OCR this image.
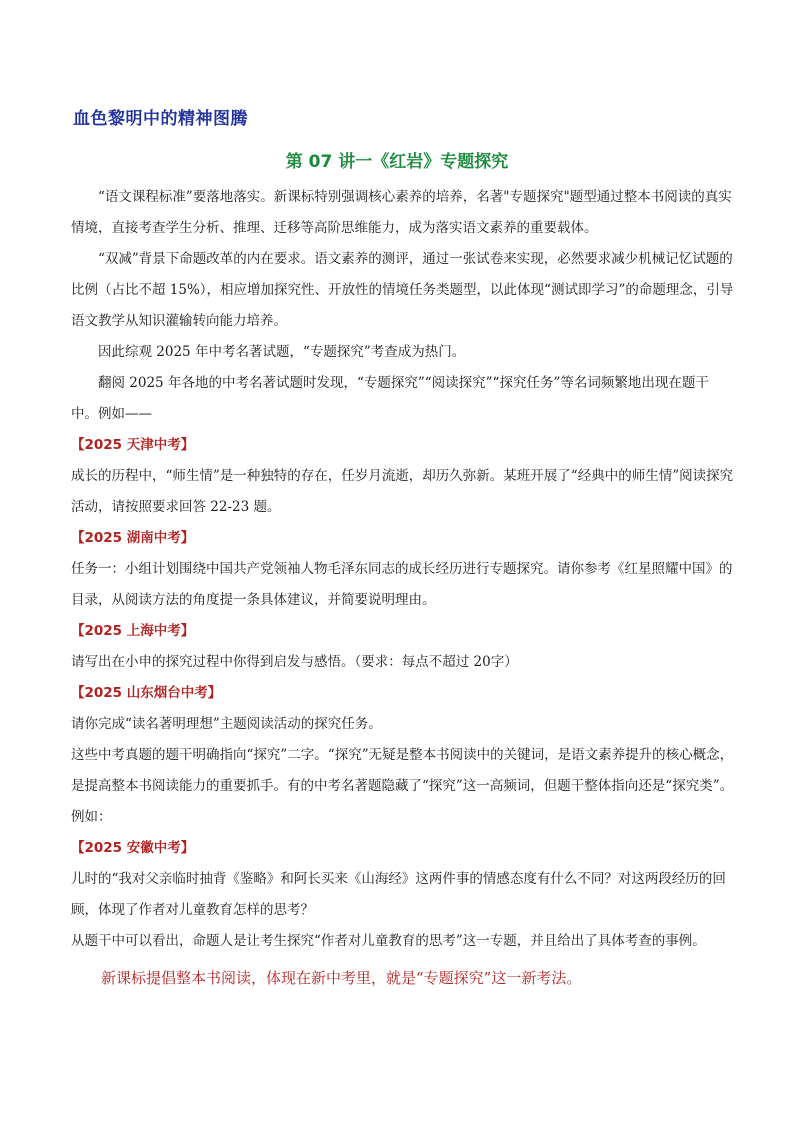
血色黎明中的精神图腾
第 07 讲一《红岩》专题探究

“语文课程标准”要落地落实。新课标特别强调核心素养的培养，名著"专题探究"题型通过整本书阅读的真实情境，直接考查学生分析、推理、迁移等高阶思维能力，成为落实语文素养的重要载体。

“双减”背景下命题改革的内在要求。语文素养的测评，通过一张试卷来实现，必然要求减少机械记忆试题的比例（占比不超 15%），相应增加探究性、开放性的情境任务类题型，以此体现“测试即学习”的命题理念，引导语文教学从知识灌输转向能力培养。

因此综观 2025 年中考名著试题，“专题探究”考查成为热门。

翻阅 2025 年各地的中考名著试题时发现，“专题探究”“阅读探究”“探究任务”等名词频繁地出现在题干中。例如——

【2025 天津中考】

成长的历程中，“师生情”是一种独特的存在，任岁月流逝，却历久弥新。某班开展了“经典中的师生情”阅读探究活动，请按照要求回答 22-23 题。

【2025 湖南中考】

任务一：小组计划围绕中国共产党领袖人物毛泽东同志的成长经历进行专题探究。请你参考《红星照耀中国》的目录，从阅读方法的角度提一条具体建议，并简要说明理由。

【2025 上海中考】

请写出在小申的探究过程中你得到启发与感悟。（要求：每点不超过 20字）

【2025 山东烟台中考】

请你完成“读名著明理想”主题阅读活动的探究任务。

这些中考真题的题干明确指向“探究”二字。“探究”无疑是整本书阅读中的关键词，是语文素养提升的核心概念，是提高整本书阅读能力的重要抓手。有的中考名著题隐藏了“探究”这一高频词，但题干整体指向还是“探究类”。例如：

【2025 安徽中考】

儿时的“我对父亲临时抽背《鉴略》和阿长买来《山海经》这两件事的情感态度有什么不同？对这两段经历的回顾，体现了作者对儿童教育怎样的思考？

从题干中可以看出，命题人是让考生探究“作者对儿童教育的思考”这一专题，并且给出了具体考查的事例。

新课标提倡整本书阅读，体现在新中考里，就是“专题探究”这一新考法。
